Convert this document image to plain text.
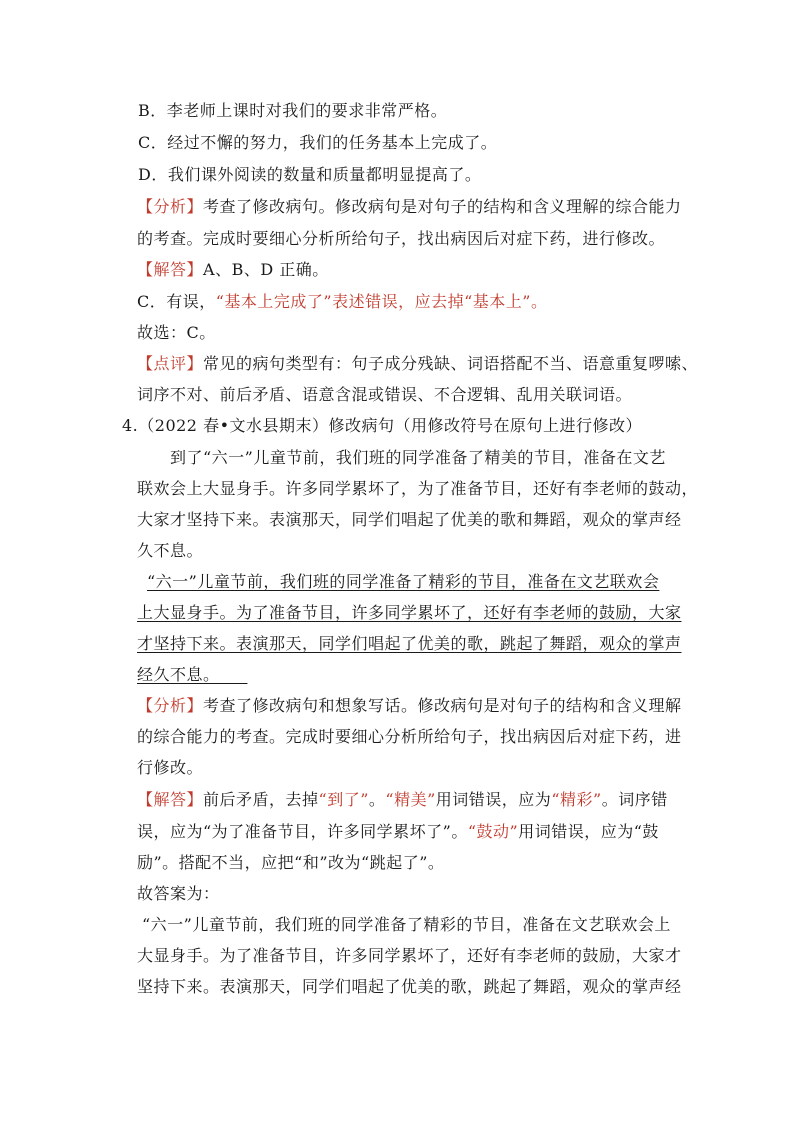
B．李老师上课时对我们的要求非常严格。
C．经过不懈的努力，我们的任务基本上完成了。
D．我们课外阅读的数量和质量都明显提高了。
【分析】考查了修改病句。修改病句是对句子的结构和含义理解的综合能力
的考查。完成时要细心分析所给句子，找出病因后对症下药，进行修改。
【解答】A、B、D 正确。
C．有误，“基本上完成了”表述错误，应去掉“基本上”。
故选：C。
【点评】常见的病句类型有：句子成分残缺、词语搭配不当、语意重复啰嗦、
词序不对、前后矛盾、语意含混或错误、不合逻辑、乱用关联词语。
4.（2022 春•文水县期末）修改病句（用修改符号在原句上进行修改）
到了“六一”儿童节前，我们班的同学准备了精美的节目，准备在文艺
联欢会上大显身手。许多同学累坏了，为了准备节目，还好有李老师的鼓动，
大家才坚持下来。表演那天，同学们唱起了优美的歌和舞蹈，观众的掌声经
久不息。
“六一”儿童节前，我们班的同学准备了精彩的节目，准备在文艺联欢会
上大显身手。为了准备节目，许多同学累坏了，还好有李老师的鼓励，大家
才坚持下来。表演那天，同学们唱起了优美的歌，跳起了舞蹈，观众的掌声
经久不息。
【分析】考查了修改病句和想象写话。修改病句是对句子的结构和含义理解
的综合能力的考查。完成时要细心分析所给句子，找出病因后对症下药，进
行修改。
【解答】前后矛盾，去掉“到了”。“精美”用词错误，应为“精彩”。词序错
误，应为“为了准备节目，许多同学累坏了”。“鼓动”用词错误，应为“鼓
励”。搭配不当，应把“和”改为“跳起了”。
故答案为：
“六一”儿童节前，我们班的同学准备了精彩的节目，准备在文艺联欢会上
大显身手。为了准备节目，许多同学累坏了，还好有李老师的鼓励，大家才
坚持下来。表演那天，同学们唱起了优美的歌，跳起了舞蹈，观众的掌声经
